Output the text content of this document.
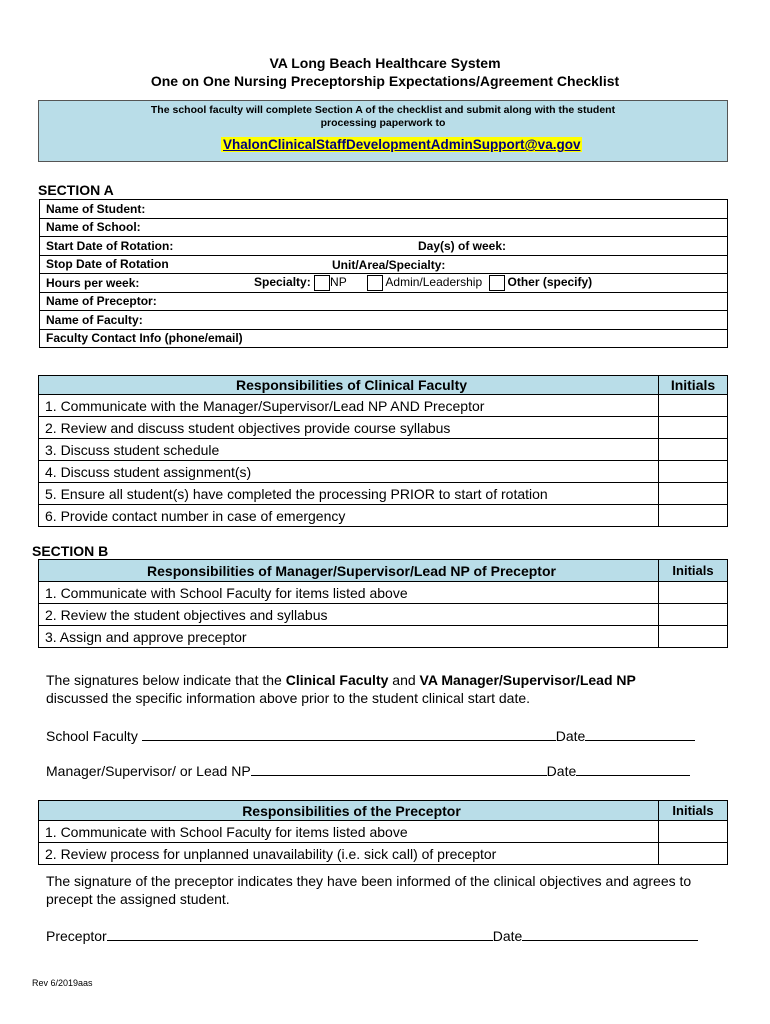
VA Long Beach Healthcare System
One on One Nursing Preceptorship Expectations/Agreement Checklist
The school faculty will complete Section A of the checklist and submit along with the student
processing paperwork to
VhalonClinicalStaffDevelopmentAdminSupport@va.gov
SECTION A
Name of Student:
Name of School:
Start Date of Rotation:	Day(s) of week:

Stop Date of Rotation	Unit/Area/Specialty:

Hours per week:	Specialty: NP	Admin/Leadership Other (specify)

Name of Preceptor:
Name of Faculty:
Faculty Contact Info (phone/email)
Responsibilities of Clinical Faculty	Initials
1. Communicate with the Manager/Supervisor/Lead NP AND Preceptor	
2. Review and discuss student objectives provide course syllabus	
3. Discuss student schedule	
4. Discuss student assignment(s)	
5. Ensure all student(s) have completed the processing PRIOR to start of rotation	
6. Provide contact number in case of emergency	
SECTION B
Responsibilities of Manager/Supervisor/Lead NP of Preceptor	Initials
1. Communicate with School Faculty for items listed above	
2. Review the student objectives and syllabus	
3. Assign and approve preceptor	
The signatures below indicate that the Clinical Faculty and VA Manager/Supervisor/Lead NP
discussed the specific information above prior to the student clinical start date.
School Faculty	Date
Manager/Supervisor/ or Lead NP	Date
Responsibilities of the Preceptor	Initials
1. Communicate with School Faculty for items listed above	
2. Review process for unplanned unavailability (i.e. sick call) of preceptor	
The signature of the preceptor indicates they have been informed of the clinical objectives and agrees to
precept the assigned student.
Preceptor	Date
Rev 6/2019aas
